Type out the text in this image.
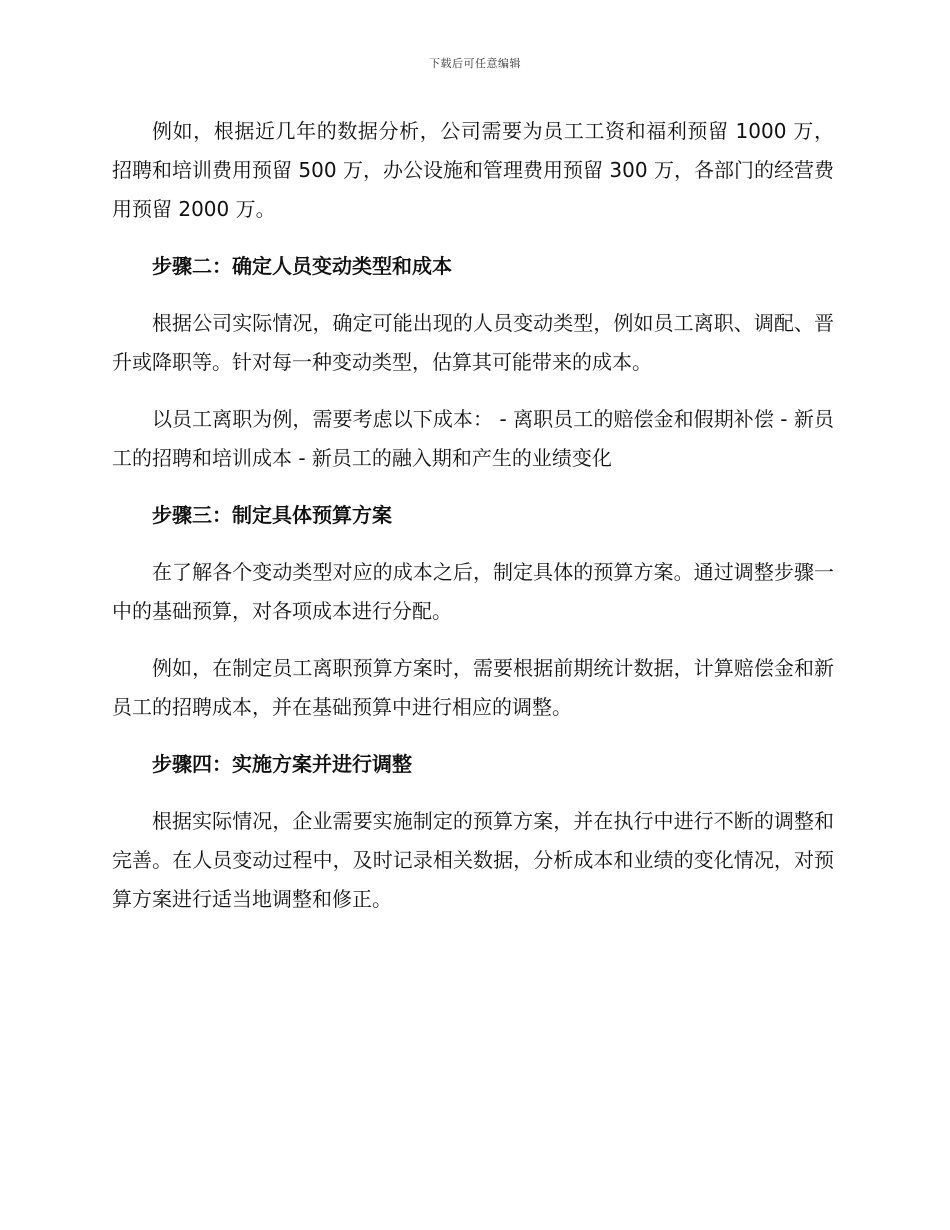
下载后可任意编辑

例如，根据近几年的数据分析，公司需要为员工工资和福利预留 1000 万，招聘和培训费用预留 500 万，办公设施和管理费用预留 300 万，各部门的经营费用预留 2000 万。

步骤二：确定人员变动类型和成本

根据公司实际情况，确定可能出现的人员变动类型，例如员工离职、调配、晋升或降职等。针对每一种变动类型，估算其可能带来的成本。

以员工离职为例，需要考虑以下成本： - 离职员工的赔偿金和假期补偿 - 新员工的招聘和培训成本 - 新员工的融入期和产生的业绩变化

步骤三：制定具体预算方案

在了解各个变动类型对应的成本之后，制定具体的预算方案。通过调整步骤一中的基础预算，对各项成本进行分配。

例如，在制定员工离职预算方案时，需要根据前期统计数据，计算赔偿金和新员工的招聘成本，并在基础预算中进行相应的调整。

步骤四：实施方案并进行调整

根据实际情况，企业需要实施制定的预算方案，并在执行中进行不断的调整和完善。在人员变动过程中，及时记录相关数据，分析成本和业绩的变化情况，对预算方案进行适当地调整和修正。
